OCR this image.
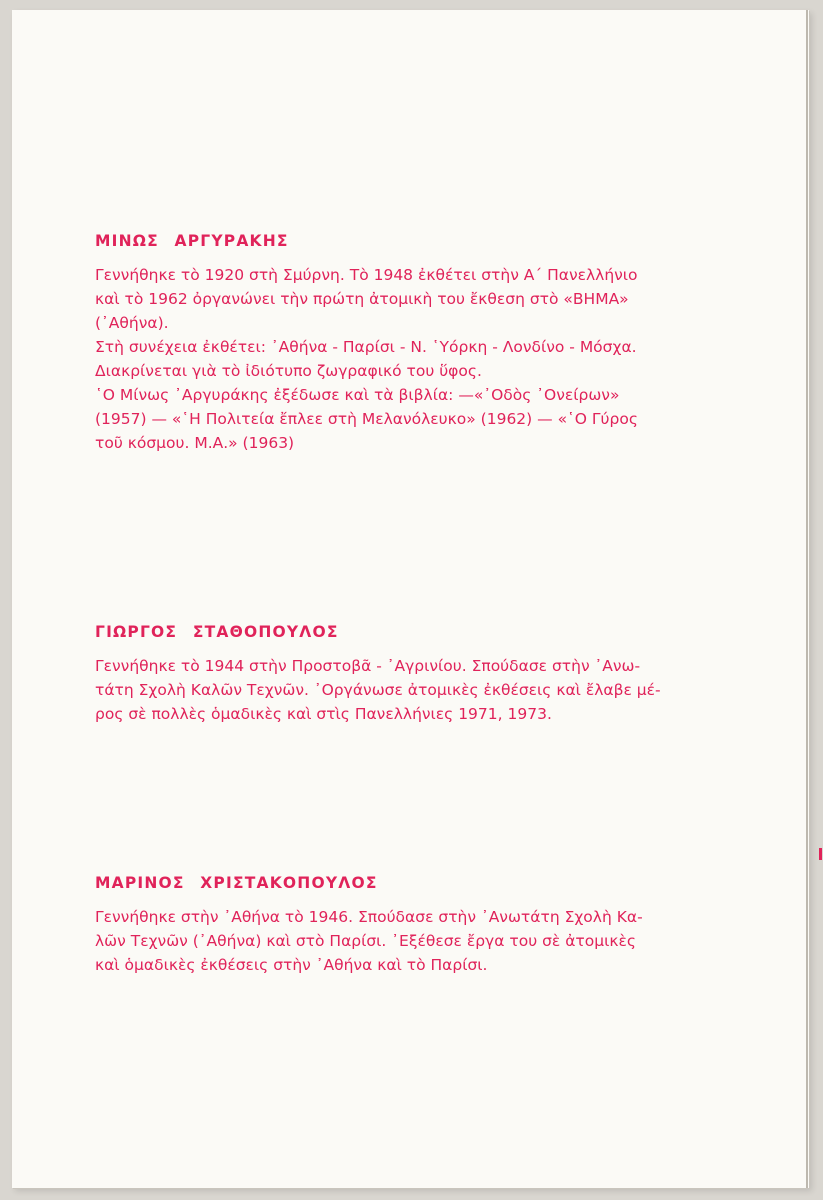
ΜΙΝΩΣ ΑΡΓΥΡΑΚΗΣ

Γεννήθηκε τὸ 1920 στὴ Σμύρνη. Τὸ 1948 ἐκθέτει στὴν Α΄ Πανελλήνιο

καὶ τὸ 1962 ὀργανώνει τὴν πρώτη ἀτομικὴ του ἔκθεση στὸ «ΒΗΜΑ»

(᾽Αθήνα).

Στὴ συνέχεια ἐκθέτει: ᾽Αθήνα - Παρίσι - Ν. ῾Υόρκη - Λονδίνο - Μόσχα.

Διακρίνεται γιὰ τὸ ἰδιότυπο ζωγραφικό του ὕφος.

῾Ο Μίνως ᾽Αργυράκης ἐξέδωσε καὶ τὰ βιβλία: —«᾽Οδὸς ᾽Ονείρων»

(1957) — «῾Η Πολιτεία ἔπλεε στὴ Μελανόλευκο» (1962) — «῾Ο Γύρος

τοῦ κόσμου. Μ.Α.» (1963)

ΓΙΩΡΓΟΣ ΣΤΑΘΟΠΟΥΛΟΣ

Γεννήθηκε τὸ 1944 στὴν Προστοβᾶ - ᾽Αγρινίου. Σπούδασε στὴν ᾽Ανω-

τάτη Σχολὴ Καλῶν Τεχνῶν. ᾽Οργάνωσε ἀτομικὲς ἐκθέσεις καὶ ἔλαβε μέ-

ρος σὲ πολλὲς ὁμαδικὲς καὶ στὶς Πανελλήνιες 1971, 1973.

ΜΑΡΙΝΟΣ ΧΡΙΣΤΑΚΟΠΟΥΛΟΣ

Γεννήθηκε στὴν ᾽Αθήνα τὸ 1946. Σπούδασε στὴν ᾽Ανωτάτη Σχολὴ Κα-

λῶν Τεχνῶν (᾽Αθήνα) καὶ στὸ Παρίσι. ᾽Εξέθεσε ἔργα του σὲ ἀτομικὲς

καὶ ὁμαδικὲς ἐκθέσεις στὴν ᾽Αθήνα καὶ τὸ Παρίσι.
